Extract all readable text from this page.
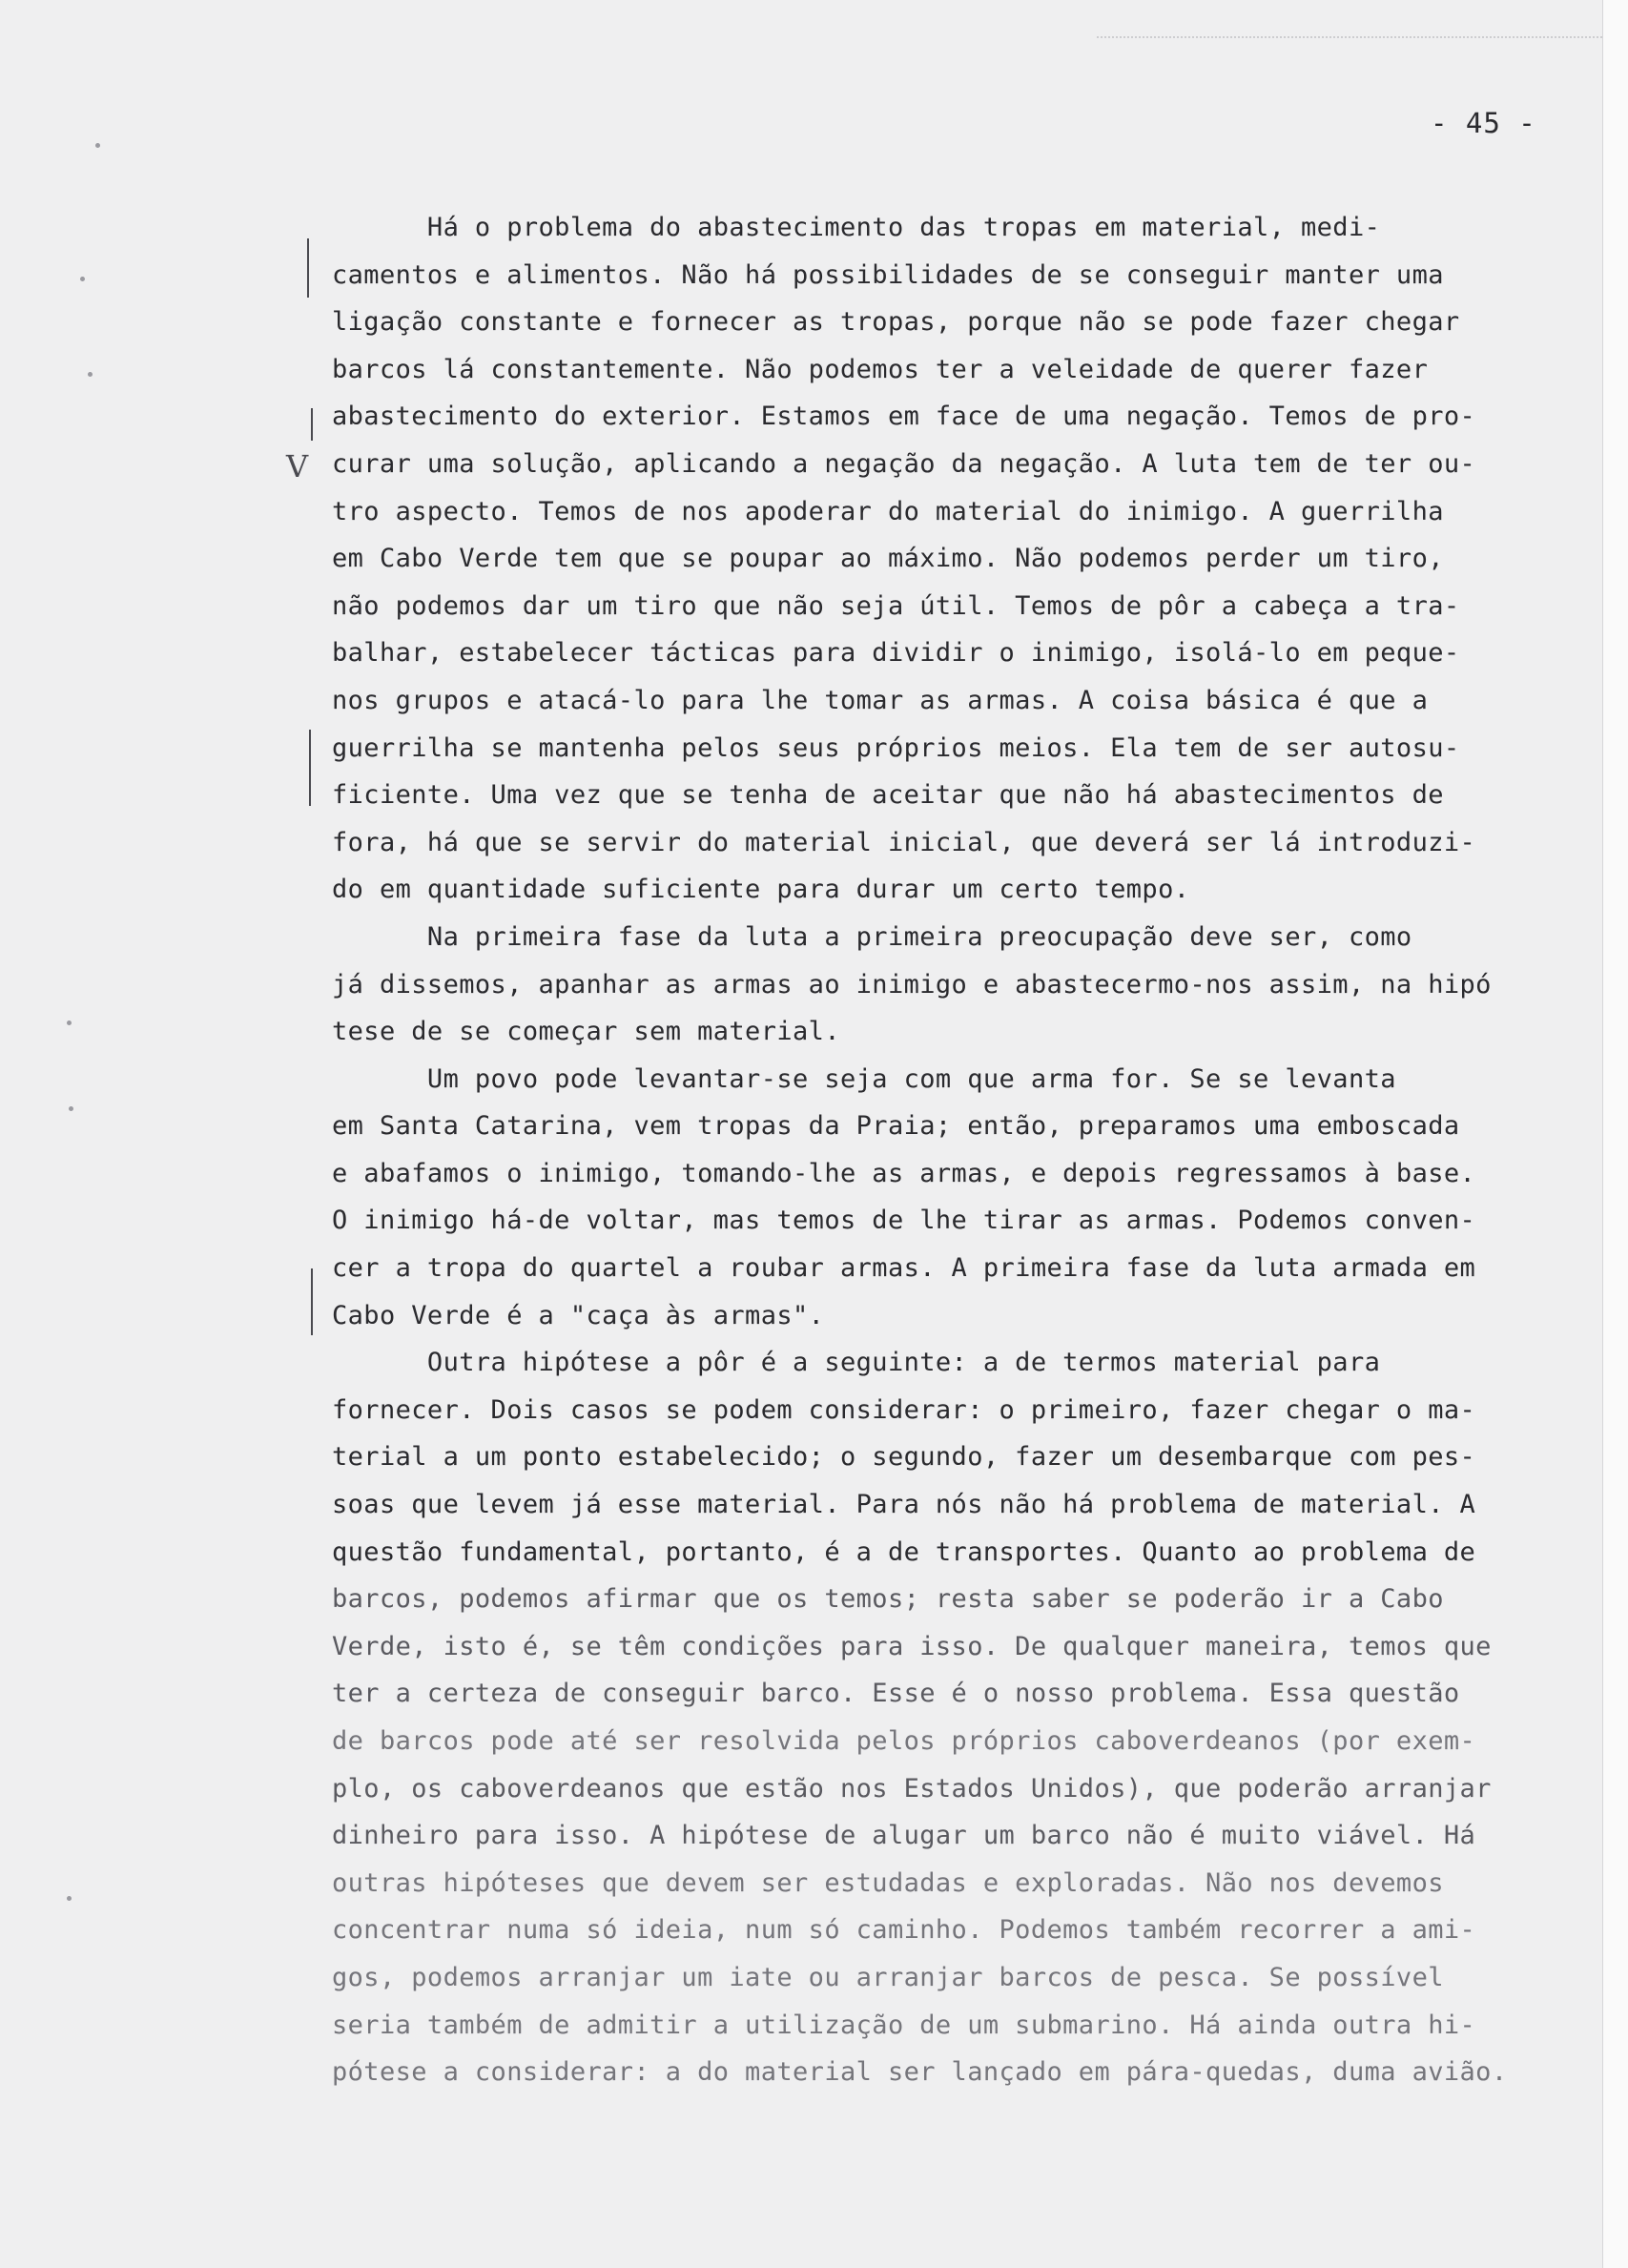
V
- 45 -
Há o problema do abastecimento das tropas em material, medi-
camentos e alimentos. Não há possibilidades de se conseguir manter uma
ligação constante e fornecer as tropas, porque não se pode fazer chegar
barcos lá constantemente. Não podemos ter a veleidade de querer fazer
abastecimento do exterior. Estamos em face de uma negação. Temos de pro-
curar uma solução, aplicando a negação da negação. A luta tem de ter ou-
tro aspecto. Temos de nos apoderar do material do inimigo. A guerrilha
em Cabo Verde tem que se poupar ao máximo. Não podemos perder um tiro,
não podemos dar um tiro que não seja útil. Temos de pôr a cabeça a tra-
balhar, estabelecer tácticas para dividir o inimigo, isolá-lo em peque-
nos grupos e atacá-lo para lhe tomar as armas. A coisa básica é que a
guerrilha se mantenha pelos seus próprios meios. Ela tem de ser autosu-
ficiente. Uma vez que se tenha de aceitar que não há abastecimentos de
fora, há que se servir do material inicial, que deverá ser lá introduzi-
do em quantidade suficiente para durar um certo tempo.
Na primeira fase da luta a primeira preocupação deve ser, como
já dissemos, apanhar as armas ao inimigo e abastecermo-nos assim, na hipó
tese de se começar sem material.
Um povo pode levantar-se seja com que arma for. Se se levanta
em Santa Catarina, vem tropas da Praia; então, preparamos uma emboscada
e abafamos o inimigo, tomando-lhe as armas, e depois regressamos à base.
O inimigo há-de voltar, mas temos de lhe tirar as armas. Podemos conven-
cer a tropa do quartel a roubar armas. A primeira fase da luta armada em
Cabo Verde é a "caça às armas".
Outra hipótese a pôr é a seguinte: a de termos material para
fornecer. Dois casos se podem considerar: o primeiro, fazer chegar o ma-
terial a um ponto estabelecido; o segundo, fazer um desembarque com pes-
soas que levem já esse material. Para nós não há problema de material. A
questão fundamental, portanto, é a de transportes. Quanto ao problema de
barcos, podemos afirmar que os temos; resta saber se poderão ir a Cabo
Verde, isto é, se têm condições para isso. De qualquer maneira, temos que
ter a certeza de conseguir barco. Esse é o nosso problema. Essa questão
de barcos pode até ser resolvida pelos próprios caboverdeanos (por exem-
plo, os caboverdeanos que estão nos Estados Unidos), que poderão arranjar
dinheiro para isso. A hipótese de alugar um barco não é muito viável. Há
outras hipóteses que devem ser estudadas e exploradas. Não nos devemos
concentrar numa só ideia, num só caminho. Podemos também recorrer a ami-
gos, podemos arranjar um iate ou arranjar barcos de pesca. Se possível
seria também de admitir a utilização de um submarino. Há ainda outra hi-
pótese a considerar: a do material ser lançado em pára-quedas, duma avião.
